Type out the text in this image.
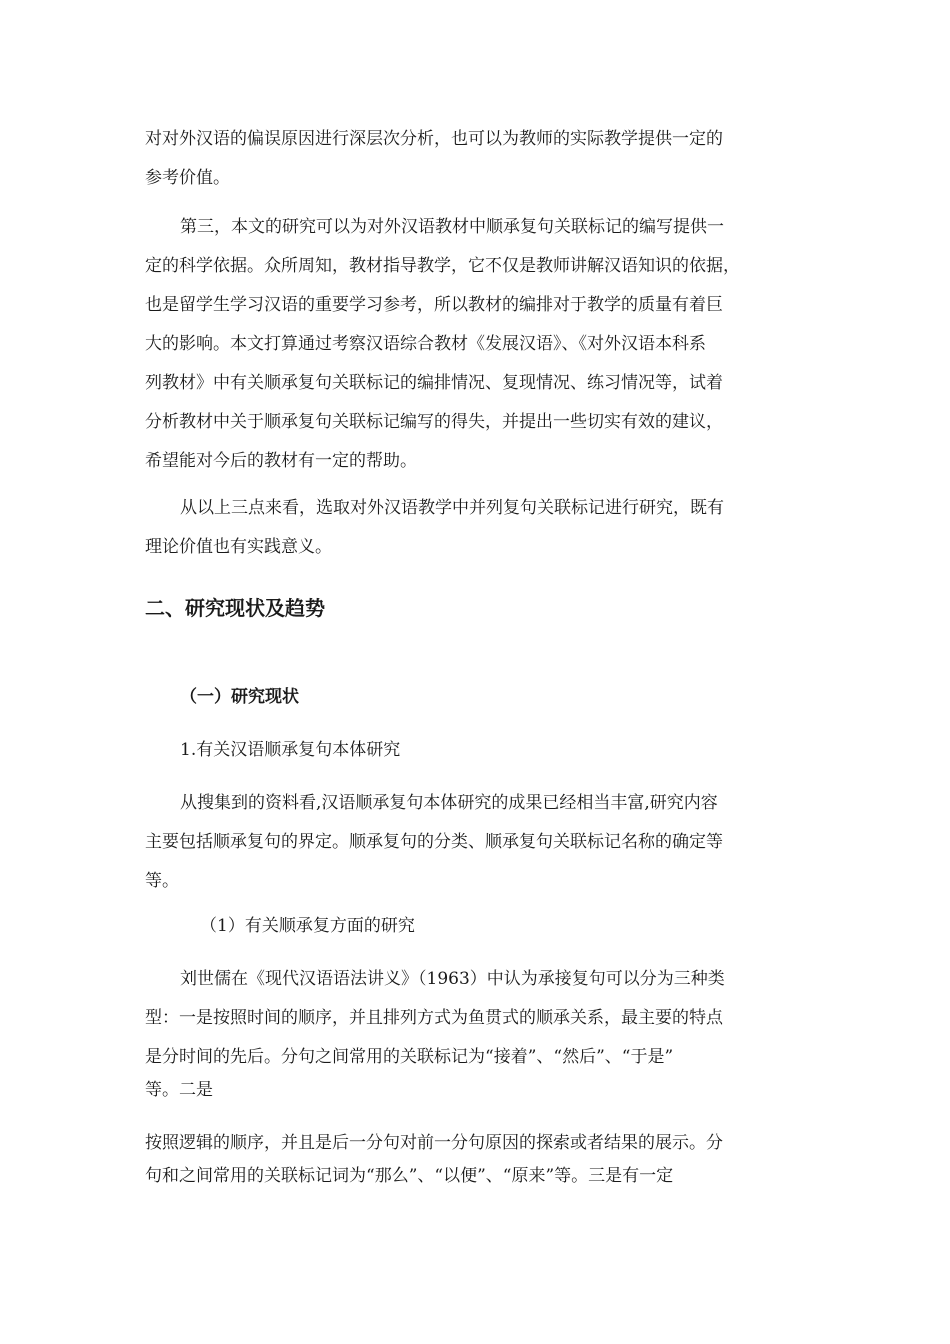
对对外汉语的偏误原因进行深层次分析，也可以为教师的实际教学提供一定的
参考价值。
第三，本文的研究可以为对外汉语教材中顺承复句关联标记的编写提供一
定的科学依据。众所周知，教材指导教学，它不仅是教师讲解汉语知识的依据，
也是留学生学习汉语的重要学习参考，所以教材的编排对于教学的质量有着巨
大的影响。本文打算通过考察汉语综合教材《发展汉语》、《对外汉语本科系
列教材》中有关顺承复句关联标记的编排情况、复现情况、练习情况等，试着
分析教材中关于顺承复句关联标记编写的得失，并提出一些切实有效的建议，
希望能对今后的教材有一定的帮助。
从以上三点来看，选取对外汉语教学中并列复句关联标记进行研究，既有
理论价值也有实践意义。
二、研究现状及趋势
（一）研究现状
1.有关汉语顺承复句本体研究
从搜集到的资料看,汉语顺承复句本体研究的成果已经相当丰富,研究内容
主要包括顺承复句的界定。顺承复句的分类、顺承复句关联标记名称的确定等
等。
（1）有关顺承复方面的研究
刘世儒在《现代汉语语法讲义》（1963）中认为承接复句可以分为三种类
型：一是按照时间的顺序，并且排列方式为鱼贯式的顺承关系，最主要的特点
是分时间的先后。分句之间常用的关联标记为“接着”、“然后”、“于是”
等。二是
按照逻辑的顺序，并且是后一分句对前一分句原因的探索或者结果的展示。分
句和之间常用的关联标记词为“那么”、“以便”、“原来”等。三是有一定
